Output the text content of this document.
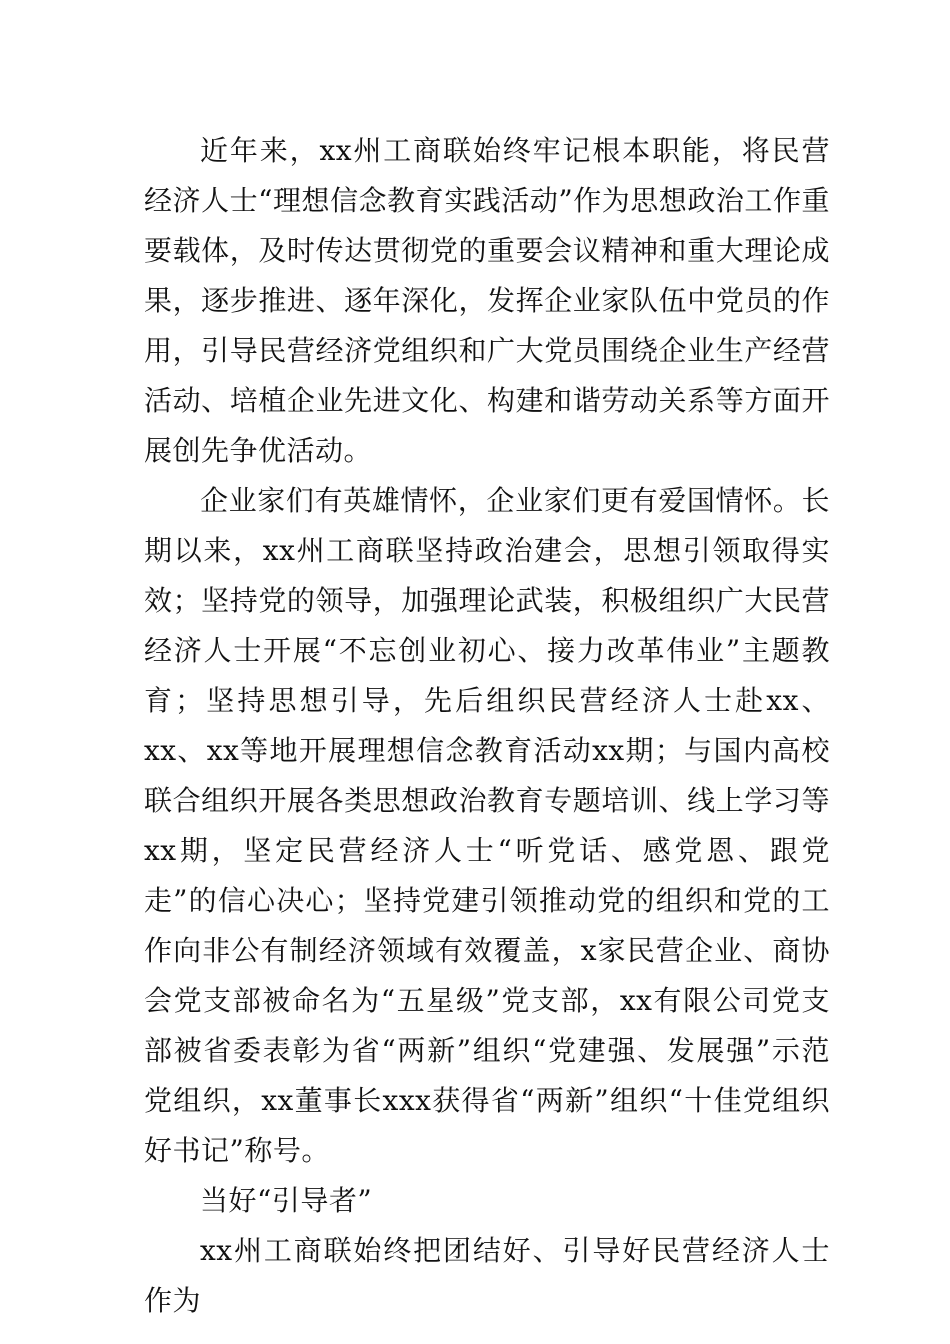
近年来，xx州工商联始终牢记根本职能，将民营经济人士“理想信念教育实践活动”作为思想政治工作重要载体，及时传达贯彻党的重要会议精神和重大理论成果，逐步推进、逐年深化，发挥企业家队伍中党员的作用，引导民营经济党组织和广大党员围绕企业生产经营活动、培植企业先进文化、构建和谐劳动关系等方面开展创先争优活动。

企业家们有英雄情怀，企业家们更有爱国情怀。长期以来，xx州工商联坚持政治建会，思想引领取得实效；坚持党的领导，加强理论武装，积极组织广大民营经济人士开展“不忘创业初心、接力改革伟业”主题教育；坚持思想引导，先后组织民营经济人士赴xx、xx、xx等地开展理想信念教育活动xx期；与国内高校联合组织开展各类思想政治教育专题培训、线上学习等xx期，坚定民营经济人士“听党话、感党恩、跟党走”的信心决心；坚持党建引领推动党的组织和党的工作向非公有制经济领域有效覆盖，x家民营企业、商协会党支部被命名为“五星级”党支部，xx有限公司党支部被省委表彰为省“两新”组织“党建强、发展强”示范党组织，xx董事长xxx获得省“两新”组织“十佳党组织好书记”称号。

当好“引导者”

xx州工商联始终把团结好、引导好民营经济人士作为
